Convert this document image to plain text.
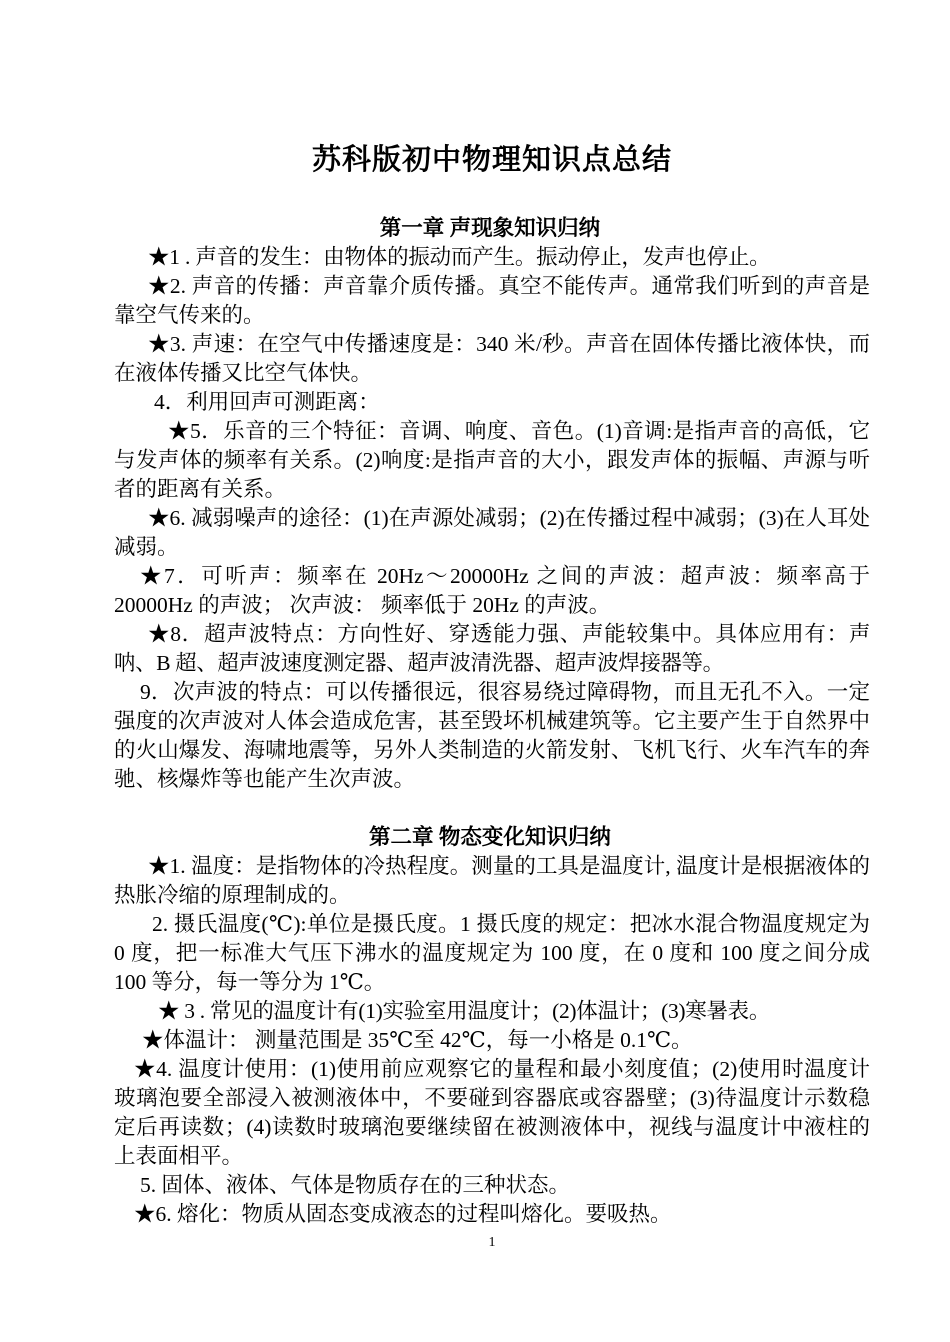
苏科版初中物理知识点总结
第一章 声现象知识归纳

★1 . 声音的发生：由物体的振动而产生。振动停止，发声也停止。

★2. 声音的传播：声音靠介质传播。真空不能传声。通常我们听到的声音是靠空气传来的。

★3. 声速：在空气中传播速度是：340 米/秒。声音在固体传播比液体快，而在液体传播又比空气体快。

4．利用回声可测距离：

★5．乐音的三个特征：音调、响度、音色。(1)音调:是指声音的高低，它与发声体的频率有关系。(2)响度:是指声音的大小，跟发声体的振幅、声源与听者的距离有关系。

★6. 减弱噪声的途径：(1)在声源处减弱；(2)在传播过程中减弱；(3)在人耳处减弱。

★7．可听声：频率在 20Hz～20000Hz 之间的声波：超声波：频率高于 20000Hz 的声波； 次声波： 频率低于 20Hz 的声波。

★8．超声波特点：方向性好、穿透能力强、声能较集中。具体应用有：声呐、B 超、超声波速度测定器、超声波清洗器、超声波焊接器等。

9．次声波的特点：可以传播很远，很容易绕过障碍物，而且无孔不入。一定强度的次声波对人体会造成危害，甚至毁坏机械建筑等。它主要产生于自然界中的火山爆发、海啸地震等，另外人类制造的火箭发射、飞机飞行、火车汽车的奔驰、核爆炸等也能产生次声波。

第二章 物态变化知识归纳

★1. 温度：是指物体的冷热程度。测量的工具是温度计, 温度计是根据液体的热胀冷缩的原理制成的。

2. 摄氏温度(℃):单位是摄氏度。1 摄氏度的规定：把冰水混合物温度规定为 0 度，把一标准大气压下沸水的温度规定为 100 度，在 0 度和 100 度之间分成 100 等分，每一等分为 1℃。

★ 3 . 常见的温度计有(1)实验室用温度计；(2)体温计；(3)寒暑表。

★体温计： 测量范围是 35℃至 42℃，每一小格是 0.1℃。

★4. 温度计使用：(1)使用前应观察它的量程和最小刻度值；(2)使用时温度计玻璃泡要全部浸入被测液体中，不要碰到容器底或容器壁；(3)待温度计示数稳定后再读数；(4)读数时玻璃泡要继续留在被测液体中，视线与温度计中液柱的上表面相平。

5. 固体、液体、气体是物质存在的三种状态。

★6. 熔化：物质从固态变成液态的过程叫熔化。要吸热。

1
